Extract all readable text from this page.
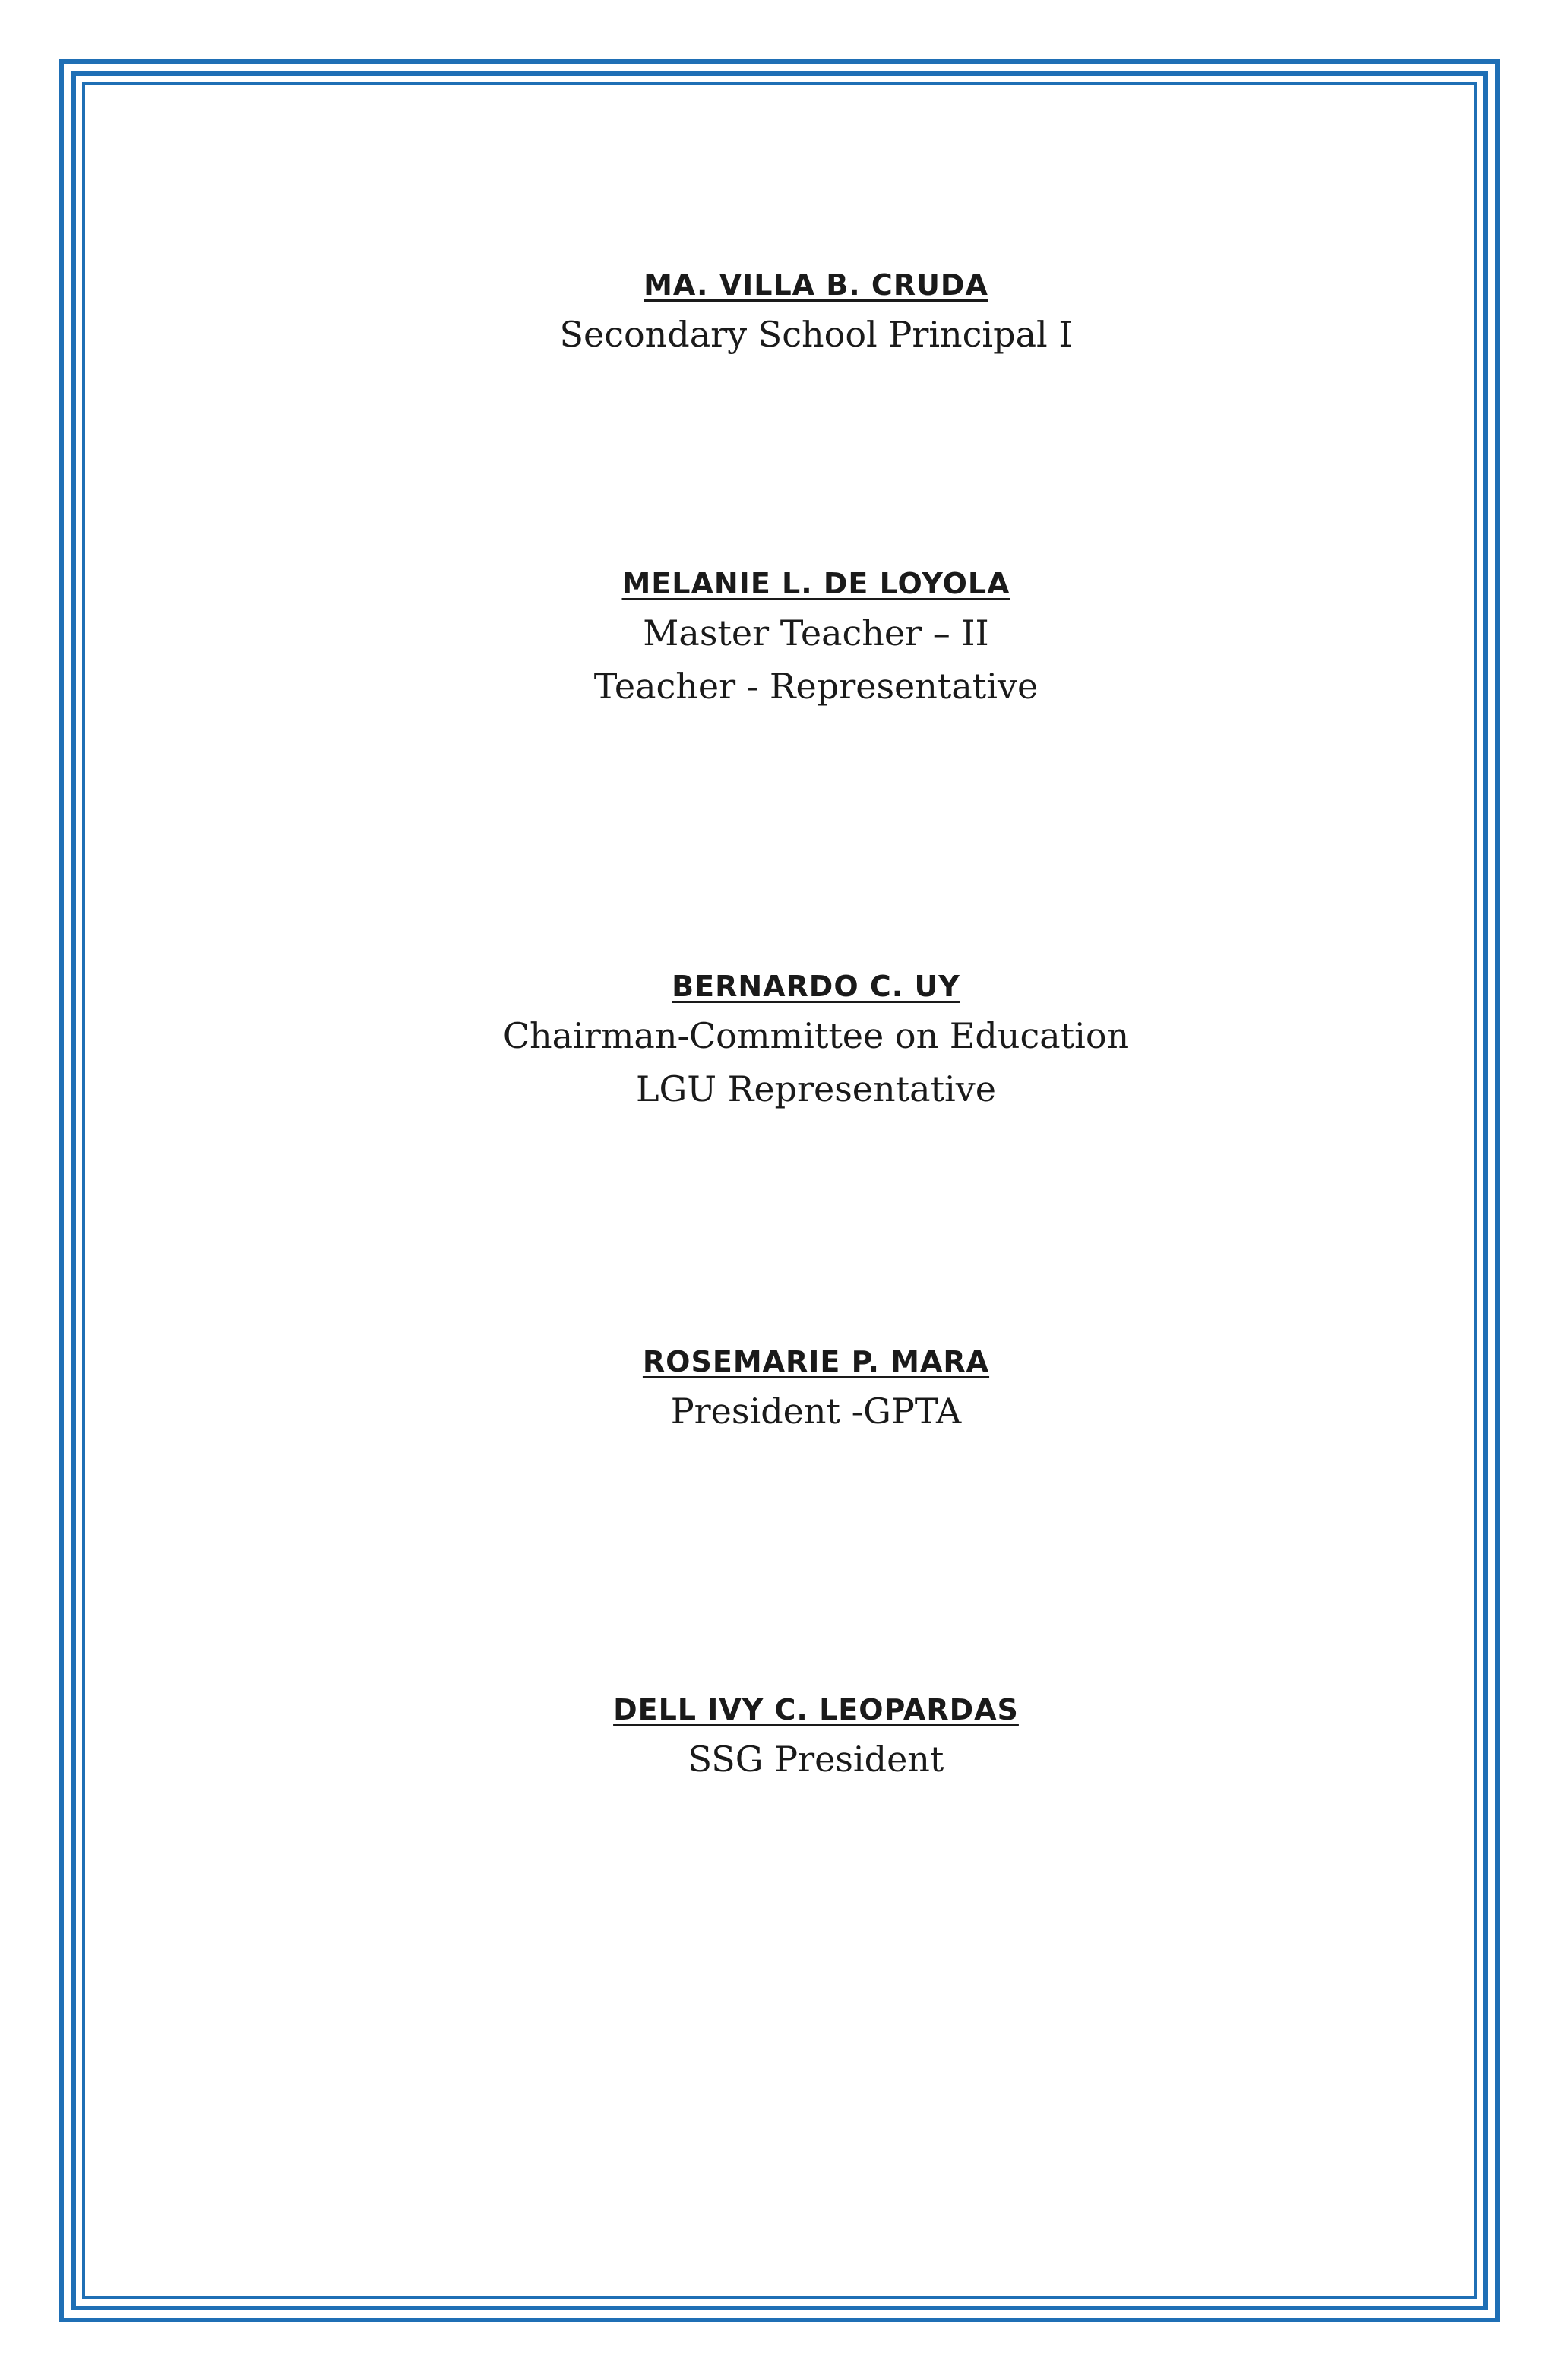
MA. VILLA B. CRUDA
Secondary School Principal I
MELANIE L. DE LOYOLA
Master Teacher – II
Teacher - Representative
BERNARDO C. UY
Chairman-Committee on Education
LGU Representative
ROSEMARIE P. MARA
President -GPTA
DELL IVY C. LEOPARDAS
SSG President
